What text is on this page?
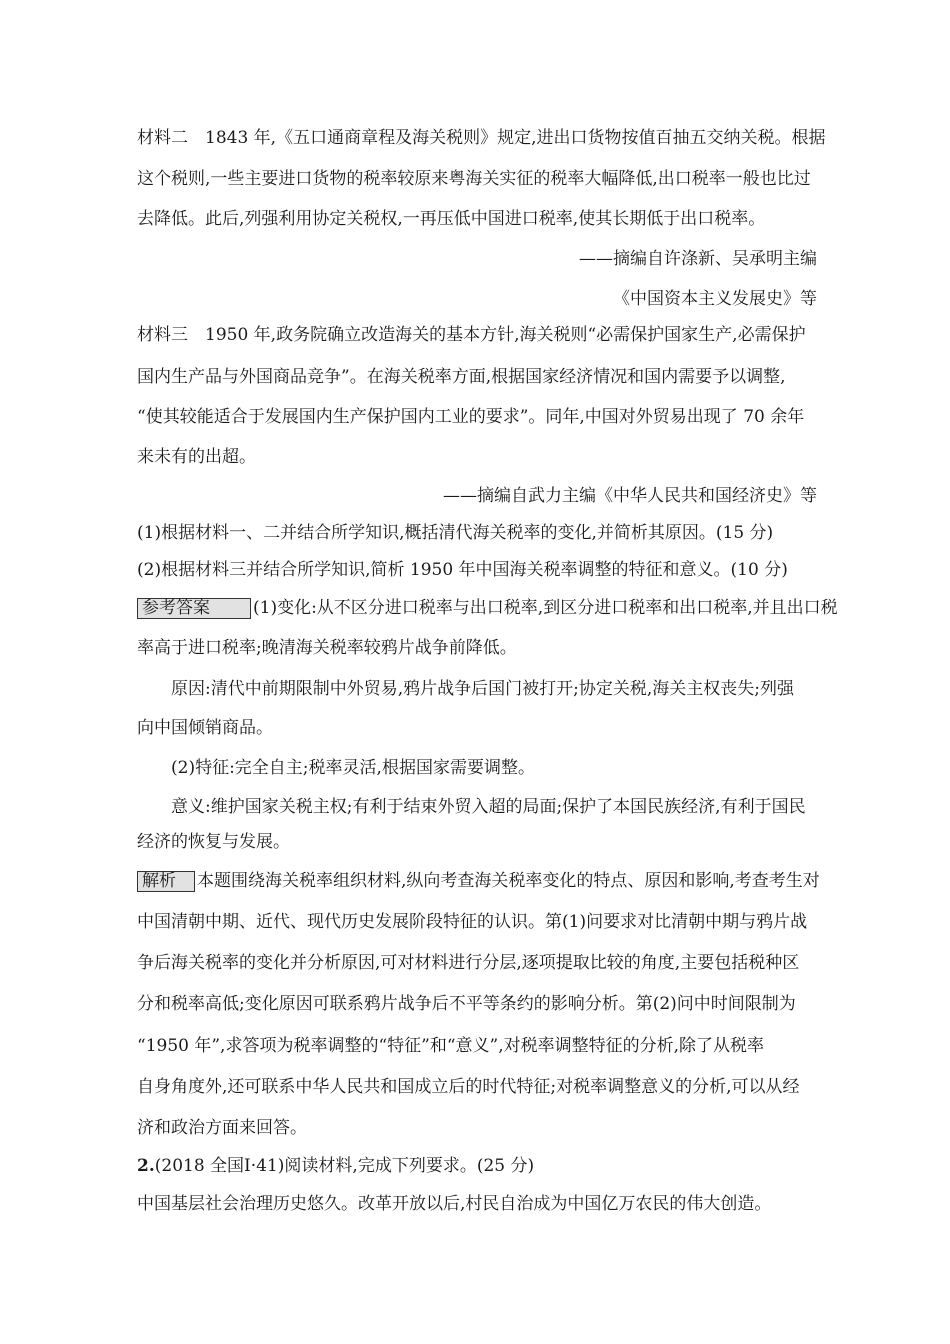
材料二　1843 年,《五口通商章程及海关税则》规定,进出口货物按值百抽五交纳关税。根据
这个税则,一些主要进口货物的税率较原来粤海关实征的税率大幅降低,出口税率一般也比过
去降低。此后,列强利用协定关税权,一再压低中国进口税率,使其长期低于出口税率。
——摘编自许涤新、吴承明主编
《中国资本主义发展史》等
材料三　1950 年,政务院确立改造海关的基本方针,海关税则“必需保护国家生产,必需保护
国内生产品与外国商品竞争”。在海关税率方面,根据国家经济情况和国内需要予以调整,
“使其较能适合于发展国内生产保护国内工业的要求”。同年,中国对外贸易出现了 70 余年
来未有的出超。
——摘编自武力主编《中华人民共和国经济史》等
(1)根据材料一、二并结合所学知识,概括清代海关税率的变化,并简析其原因。(15 分)
(2)根据材料三并结合所学知识,简析 1950 年中国海关税率调整的特征和意义。(10 分)
参考答案	(1)变化:从不区分进口税率与出口税率,到区分进口税率和出口税率,并且出口税
率高于进口税率;晚清海关税率较鸦片战争前降低。
原因:清代中前期限制中外贸易,鸦片战争后国门被打开;协定关税,海关主权丧失;列强
向中国倾销商品。
(2)特征:完全自主;税率灵活,根据国家需要调整。
意义:维护国家关税主权;有利于结束外贸入超的局面;保护了本国民族经济,有利于国民
经济的恢复与发展。
解析 本题围绕海关税率组织材料,纵向考查海关税率变化的特点、原因和影响,考查考生对
中国清朝中期、近代、现代历史发展阶段特征的认识。第(1)问要求对比清朝中期与鸦片战
争后海关税率的变化并分析原因,可对材料进行分层,逐项提取比较的角度,主要包括税种区
分和税率高低;变化原因可联系鸦片战争后不平等条约的影响分析。第(2)问中时间限制为
“1950 年”,求答项为税率调整的“特征”和“意义”,对税率调整特征的分析,除了从税率
自身角度外,还可联系中华人民共和国成立后的时代特征;对税率调整意义的分析,可以从经
济和政治方面来回答。
2.(2018 全国Ⅰ·41)阅读材料,完成下列要求。(25 分)
中国基层社会治理历史悠久。改革开放以后,村民自治成为中国亿万农民的伟大创造。
